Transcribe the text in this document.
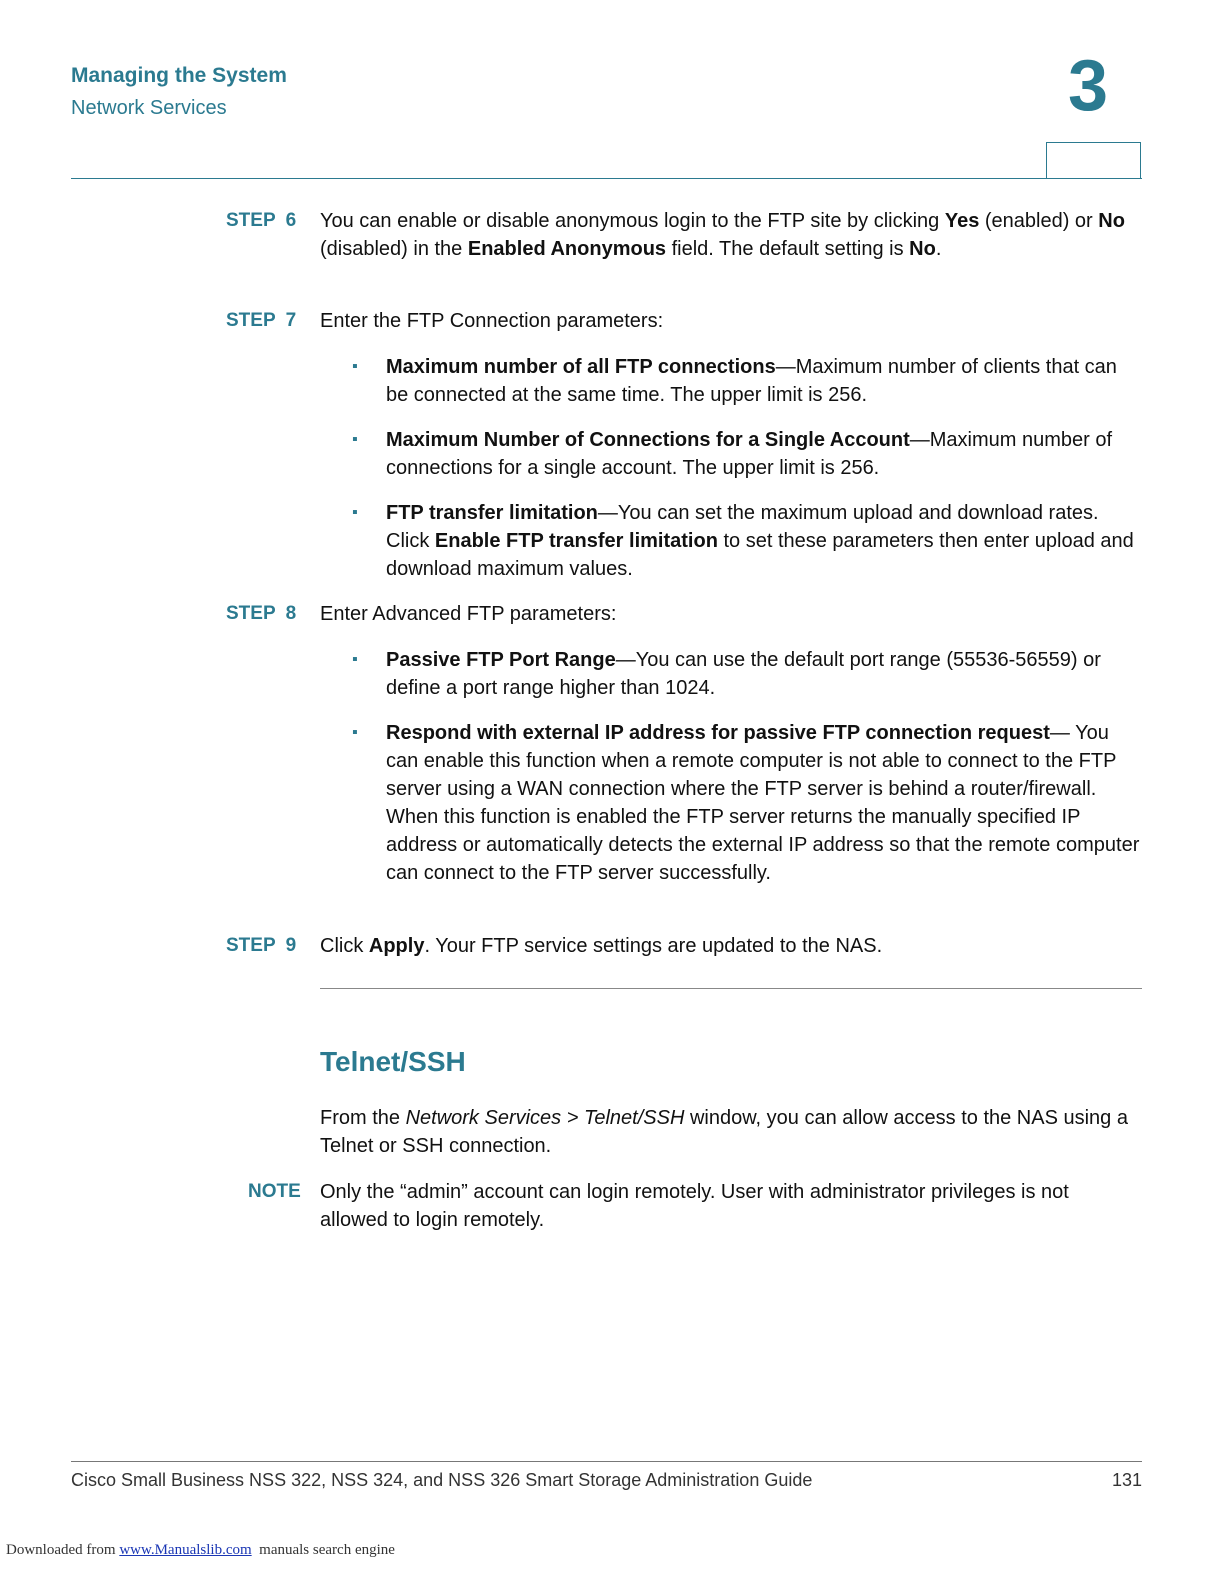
Managing the System
Network Services	3
STEP 6	You can enable or disable anonymous login to the FTP site by clicking Yes (enabled) or No (disabled) in the Enabled Anonymous field. The default setting is No.
STEP 7	Enter the FTP Connection parameters:
▪ Maximum number of all FTP connections—Maximum number of clients that can be connected at the same time. The upper limit is 256.
▪ Maximum Number of Connections for a Single Account—Maximum number of connections for a single account. The upper limit is 256.
▪ FTP transfer limitation—You can set the maximum upload and download rates. Click Enable FTP transfer limitation to set these parameters then enter upload and download maximum values.
STEP 8	Enter Advanced FTP parameters:
▪ Passive FTP Port Range—You can use the default port range (55536-56559) or define a port range higher than 1024.
▪ Respond with external IP address for passive FTP connection request— You can enable this function when a remote computer is not able to connect to the FTP server using a WAN connection where the FTP server is behind a router/firewall. When this function is enabled the FTP server returns the manually specified IP address or automatically detects the external IP address so that the remote computer can connect to the FTP server successfully.
STEP 9	Click Apply. Your FTP service settings are updated to the NAS.
Telnet/SSH
From the Network Services > Telnet/SSH window, you can allow access to the NAS using a Telnet or SSH connection.
NOTE Only the “admin” account can login remotely. User with administrator privileges is not allowed to login remotely.
Cisco Small Business NSS 322, NSS 324, and NSS 326 Smart Storage Administration Guide	131
Downloaded from www.Manualslib.com  manuals search engine
